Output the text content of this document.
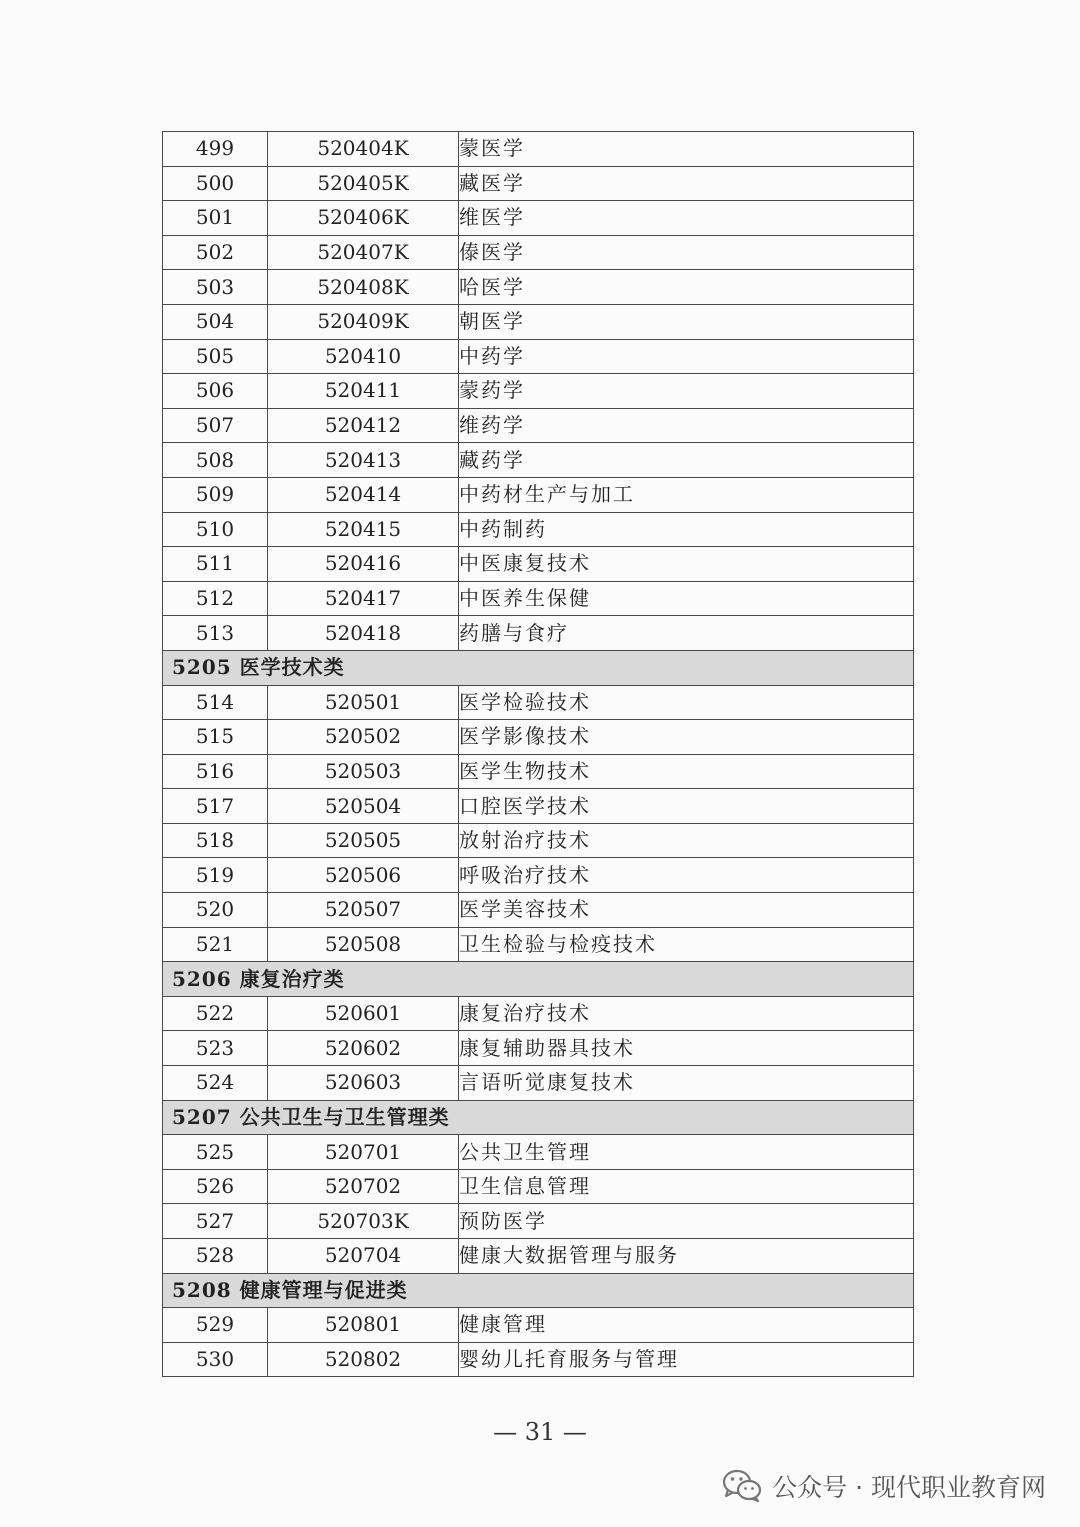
499	520404K	蒙医学
500	520405K	藏医学
501	520406K	维医学
502	520407K	傣医学
503	520408K	哈医学
504	520409K	朝医学
505	520410	中药学
506	520411	蒙药学
507	520412	维药学
508	520413	藏药学
509	520414	中药材生产与加工
510	520415	中药制药
511	520416	中医康复技术
512	520417	中医养生保健
513	520418	药膳与食疗
5205 医学技术类		
514	520501	医学检验技术
515	520502	医学影像技术
516	520503	医学生物技术
517	520504	口腔医学技术
518	520505	放射治疗技术
519	520506	呼吸治疗技术
520	520507	医学美容技术
521	520508	卫生检验与检疫技术
5206 康复治疗类		
522	520601	康复治疗技术
523	520602	康复辅助器具技术
524	520603	言语听觉康复技术
5207 公共卫生与卫生管理类		
525	520701	公共卫生管理
526	520702	卫生信息管理
527	520703K	预防医学
528	520704	健康大数据管理与服务
5208 健康管理与促进类		
529	520801	健康管理
530	520802	婴幼儿托育服务与管理
— 31 —
公众号 · 现代职业教育网
